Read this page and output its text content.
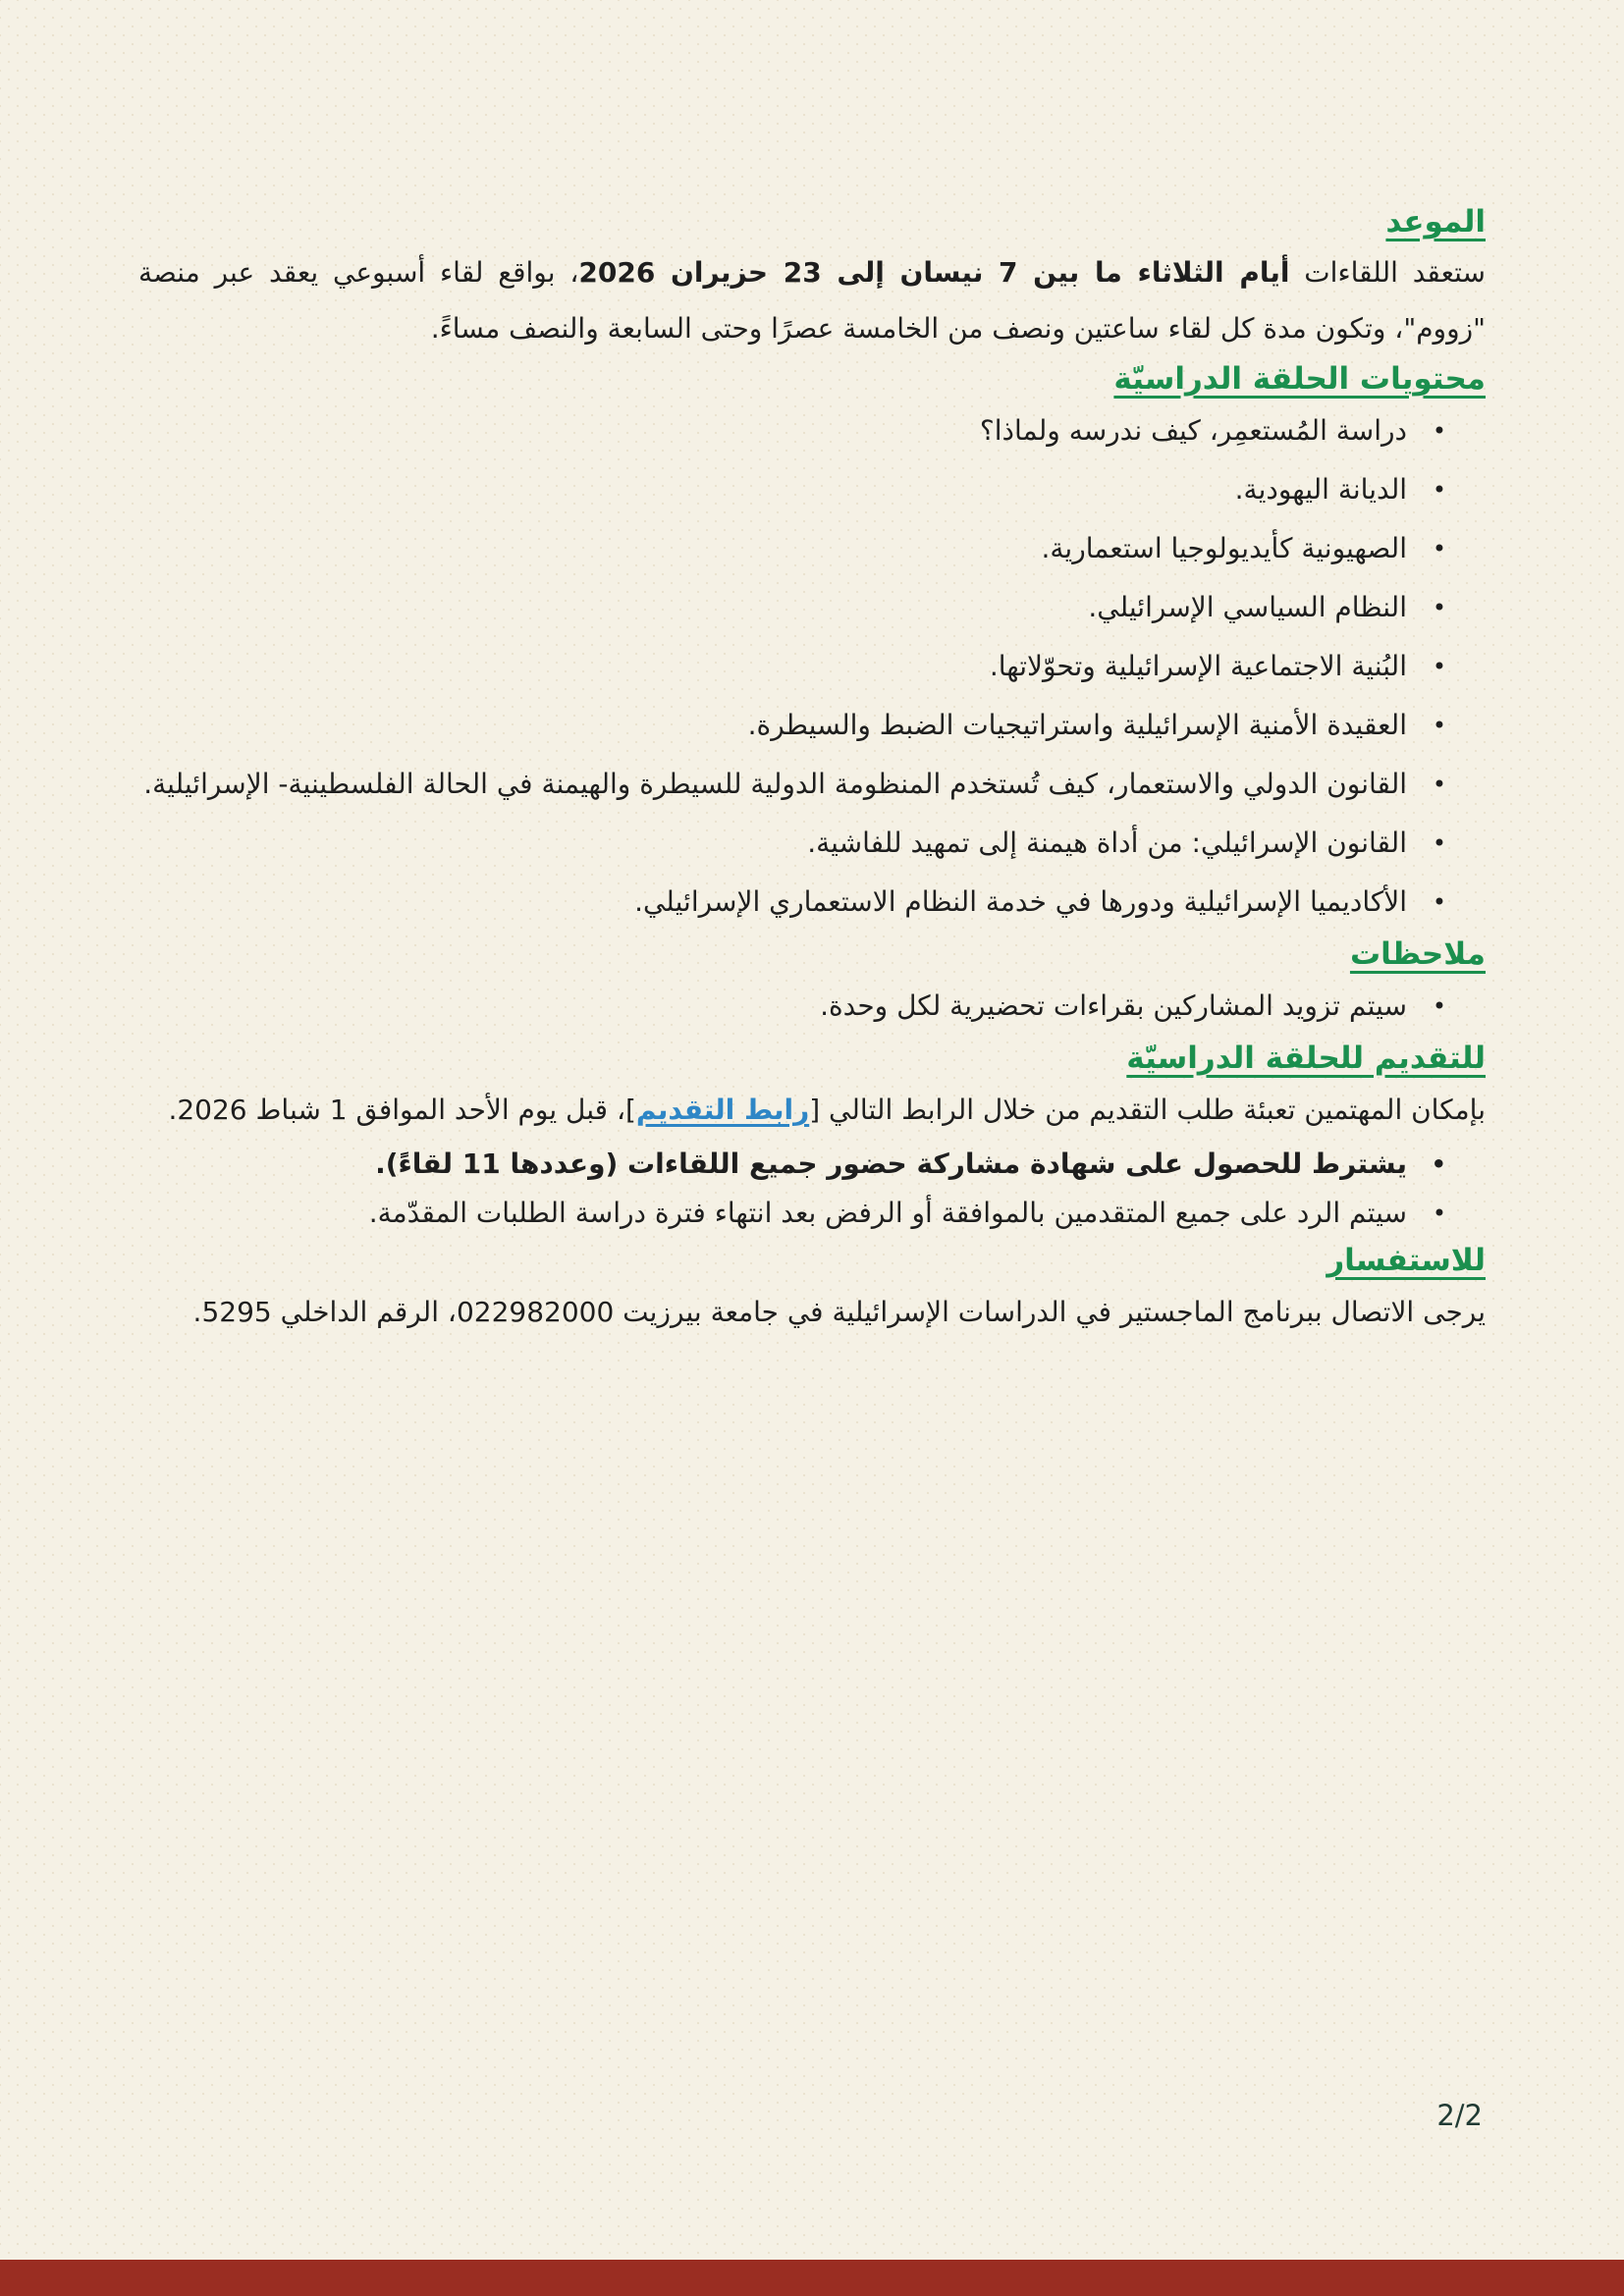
الموعد

ستعقد اللقاءات أيام الثلاثاء ما بين 7 نيسان إلى 23 حزيران 2026، بواقع لقاء أسبوعي يعقد عبر منصة "زووم"، وتكون مدة كل لقاء ساعتين ونصف من الخامسة عصرًا وحتى السابعة والنصف مساءً.

محتويات الحلقة الدراسيّة
• دراسة المُستعمِر، كيف ندرسه ولماذا؟
• الديانة اليهودية.
• الصهيونية كأيديولوجيا استعمارية.
• النظام السياسي الإسرائيلي.
• البُنية الاجتماعية الإسرائيلية وتحوّلاتها.
• العقيدة الأمنية الإسرائيلية واستراتيجيات الضبط والسيطرة.
• القانون الدولي والاستعمار، كيف تُستخدم المنظومة الدولية للسيطرة والهيمنة في الحالة الفلسطينية- الإسرائيلية.
• القانون الإسرائيلي: من أداة هيمنة إلى تمهيد للفاشية.
• الأكاديميا الإسرائيلية ودورها في خدمة النظام الاستعماري الإسرائيلي.
ملاحظات
• سيتم تزويد المشاركين بقراءات تحضيرية لكل وحدة.
للتقديم للحلقة الدراسيّة

بإمكان المهتمين تعبئة طلب التقديم من خلال الرابط التالي [رابط التقديم]، قبل يوم الأحد الموافق 1 شباط 2026.

• يشترط للحصول على شهادة مشاركة حضور جميع اللقاءات (وعددها 11 لقاءً).
• سيتم الرد على جميع المتقدمين بالموافقة أو الرفض بعد انتهاء فترة دراسة الطلبات المقدّمة.
للاستفسار

يرجى الاتصال ببرنامج الماجستير في الدراسات الإسرائيلية في جامعة بيرزيت 022982000، الرقم الداخلي 5295.

2/2
